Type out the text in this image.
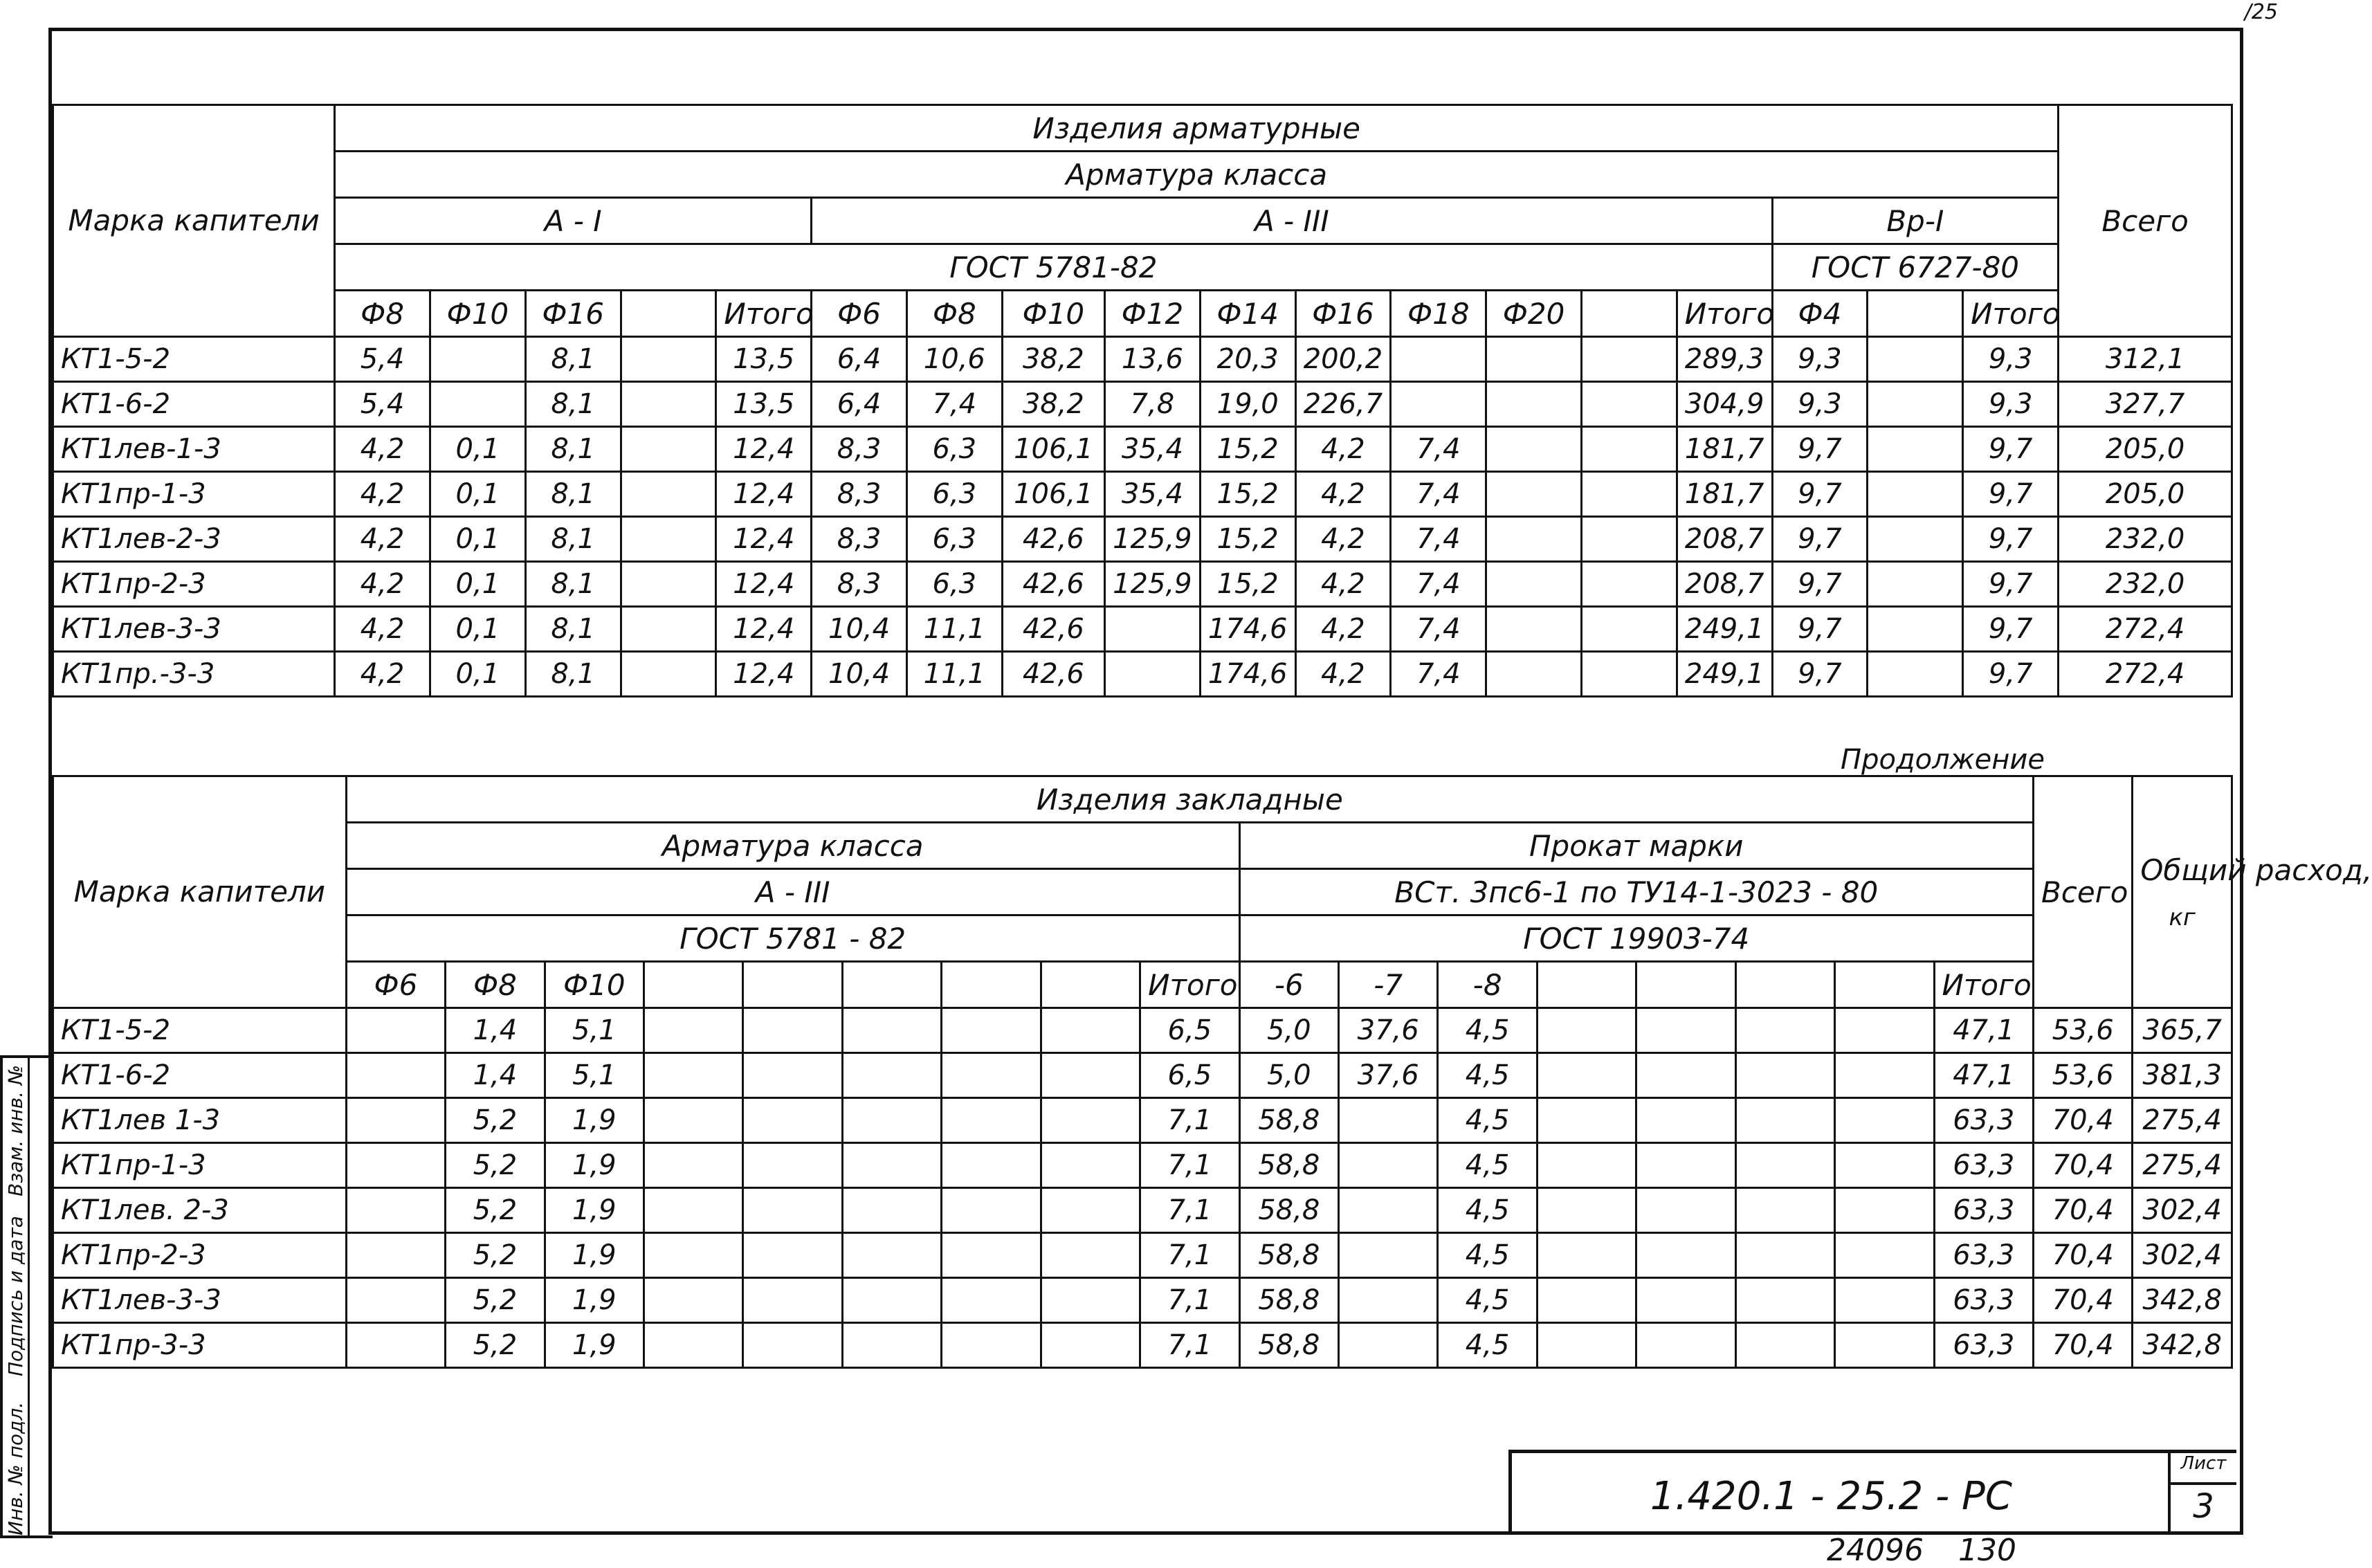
/25
Марка капители	Изделия арматурные																		Всего
	Арматура класса																		
	А - I					А - III										Вр-I			
	ГОСТ 5781-82															ГОСТ 6727-80			
	Ф8	Ф10	Ф16		Итого	Ф6	Ф8	Ф10	Ф12	Ф14	Ф16	Ф18	Ф20		Итого	Ф4		Итого	
КТ1-5-2	5,4		8,1		13,5	6,4	10,6	38,2	13,6	20,3	200,2				289,3	9,3		9,3	312,1
КТ1-6-2	5,4		8,1		13,5	6,4	7,4	38,2	7,8	19,0	226,7				304,9	9,3		9,3	327,7
КТ1лев-1-3	4,2	0,1	8,1		12,4	8,3	6,3	106,1	35,4	15,2	4,2	7,4			181,7	9,7		9,7	205,0
КТ1пр-1-3	4,2	0,1	8,1		12,4	8,3	6,3	106,1	35,4	15,2	4,2	7,4			181,7	9,7		9,7	205,0
КТ1лев-2-3	4,2	0,1	8,1		12,4	8,3	6,3	42,6	125,9	15,2	4,2	7,4			208,7	9,7		9,7	232,0
КТ1пр-2-3	4,2	0,1	8,1		12,4	8,3	6,3	42,6	125,9	15,2	4,2	7,4			208,7	9,7		9,7	232,0
КТ1лев-3-3	4,2	0,1	8,1		12,4	10,4	11,1	42,6		174,6	4,2	7,4			249,1	9,7		9,7	272,4
КТ1пр.-3-3	4,2	0,1	8,1		12,4	10,4	11,1	42,6		174,6	4,2	7,4			249,1	9,7		9,7	272,4
Продолжение
Марка капители	Изделия закладные																	Всего	Общий расход,
кг

	Арматура класса									Прокат марки									
	А - III									ВСт. 3пс6-1 по ТУ14-1-3023 - 80									
	ГОСТ 5781 - 82									ГОСТ 19903-74									
	Ф6	Ф8	Ф10						Итого	-6	-7	-8					Итого		
КТ1-5-2		1,4	5,1						6,5	5,0	37,6	4,5					47,1	53,6	365,7
КТ1-6-2		1,4	5,1						6,5	5,0	37,6	4,5					47,1	53,6	381,3
КТ1лев 1-3		5,2	1,9						7,1	58,8		4,5					63,3	70,4	275,4
КТ1пр-1-3		5,2	1,9						7,1	58,8		4,5					63,3	70,4	275,4
КТ1лев. 2-3		5,2	1,9						7,1	58,8		4,5					63,3	70,4	302,4
КТ1пр-2-3		5,2	1,9						7,1	58,8		4,5					63,3	70,4	302,4
КТ1лев-3-3		5,2	1,9						7,1	58,8		4,5					63,3	70,4	342,8
КТ1пр-3-3		5,2	1,9						7,1	58,8		4,5					63,3	70,4	342,8
1.420.1 - 25.2 - РС
Лист
3
24096 130
Инв. № подл.
Подпись и дата
Взам. инв. №
